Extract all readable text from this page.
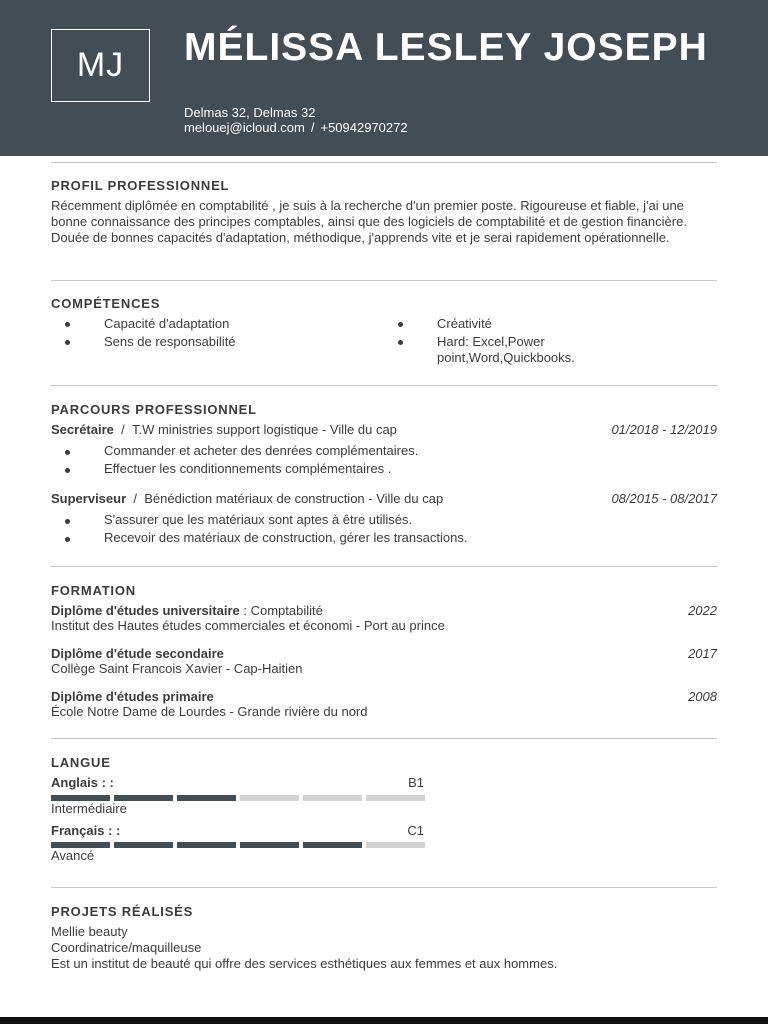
MJ	MÉLISSA LESLEY JOSEPH
Delmas 32, Delmas 32
melouej@icloud.com / +50942970272
PROFIL PROFESSIONNEL
Récemment diplômée en comptabilité , je suis à la recherche d'un premier poste. Rigoureuse et fiable, j'ai une bonne connaissance des principes comptables, ainsi que des logiciels de comptabilité et de gestion financière. Douée de bonnes capacités d'adaptation, méthodique, j'apprends vite et je serai rapidement opérationnelle.
COMPÉTENCES
Capacité d'adaptation
Sens de responsabilité
Créativité
Hard: Excel,Power point,Word,Quickbooks.
PARCOURS PROFESSIONNEL
Secrétaire / T.W ministries support logistique - Ville du cap	01/2018 - 12/2019
Commander et acheter des denrées complémentaires.
Effectuer les conditionnements complémentaires .
Superviseur / Bénédiction matériaux de construction - Ville du cap	08/2015 - 08/2017
S'assurer que les matériaux sont aptes à être utilisés.
Recevoir des matériaux de construction, gérer les transactions.
FORMATION
Diplôme d'études universitaire : Comptabilité	2022
Institut des Hautes études commerciales et économi - Port au prince
Diplôme d'étude secondaire	2017
Collège Saint Francois Xavier - Cap-Haitien
Diplôme d'études primaire	2008
École Notre Dame de Lourdes - Grande rivière du nord
LANGUE
Anglais : :	B1
Intermédiaire
Français : :	C1
Avancé
PROJETS RÉALISÉS
Mellie beauty
Coordinatrice/maquilleuse
Est un institut de beauté qui offre des services esthétiques aux femmes et aux hommes.
